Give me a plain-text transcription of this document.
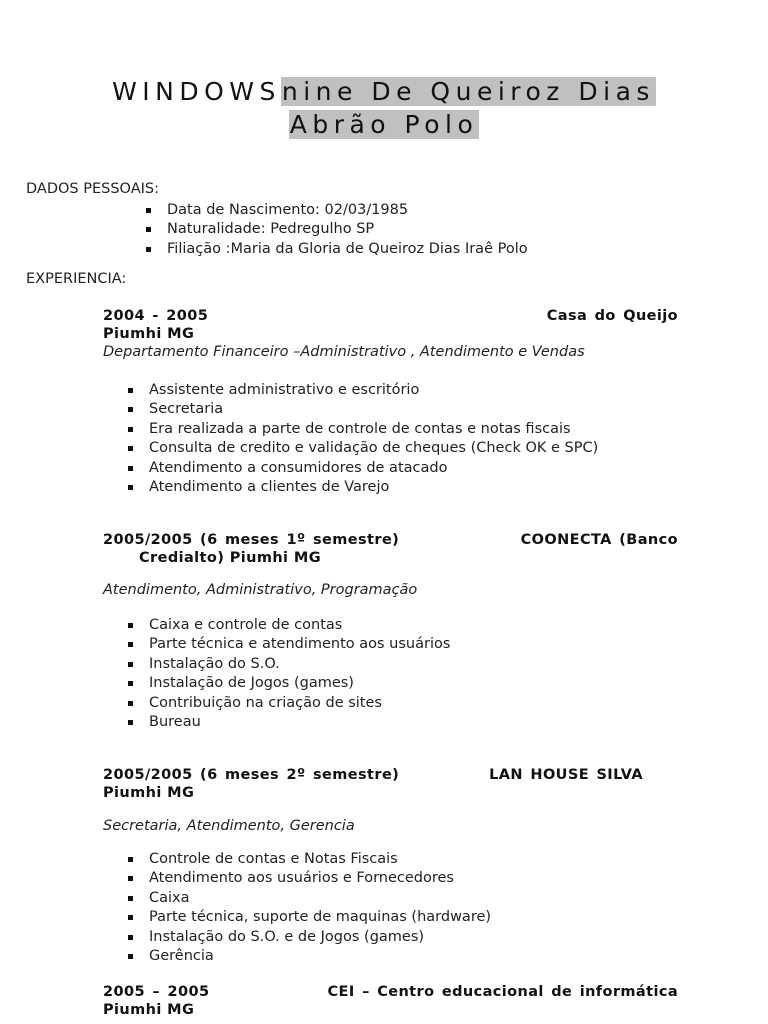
WINDOWSnine De Queiroz Dias
Abrão Polo
DADOS PESSOAIS:
Data de Nascimento: 02/03/1985
Naturalidade: Pedregulho SP
Filiação :Maria da Gloria de Queiroz Dias Iraê Polo
EXPERIENCIA:
2004 - 2005	Casa do Queijo
Piumhi MG
Departamento Financeiro –Administrativo , Atendimento e Vendas
Assistente administrativo e escritório
Secretaria
Era realizada a parte de controle de contas e notas fiscais
Consulta de credito e validação de cheques (Check OK e SPC)
Atendimento a consumidores de atacado
Atendimento a clientes de Varejo
2005/2005 (6 meses 1º semestre)	COONECTA (Banco
Credialto) Piumhi MG
Atendimento, Administrativo, Programação
Caixa e controle de contas
Parte técnica e atendimento aos usuários
Instalação do S.O.
Instalação de Jogos (games)
Contribuição na criação de sites
Bureau
2005/2005 (6 meses 2º semestre)	LAN HOUSE SILVA
Piumhi MG
Secretaria, Atendimento, Gerencia
Controle de contas e Notas Fiscais
Atendimento aos usuários e Fornecedores
Caixa
Parte técnica, suporte de maquinas (hardware)
Instalação do S.O. e de Jogos (games)
Gerência
2005 – 2005	CEI – Centro educacional de informática
Piumhi MG
